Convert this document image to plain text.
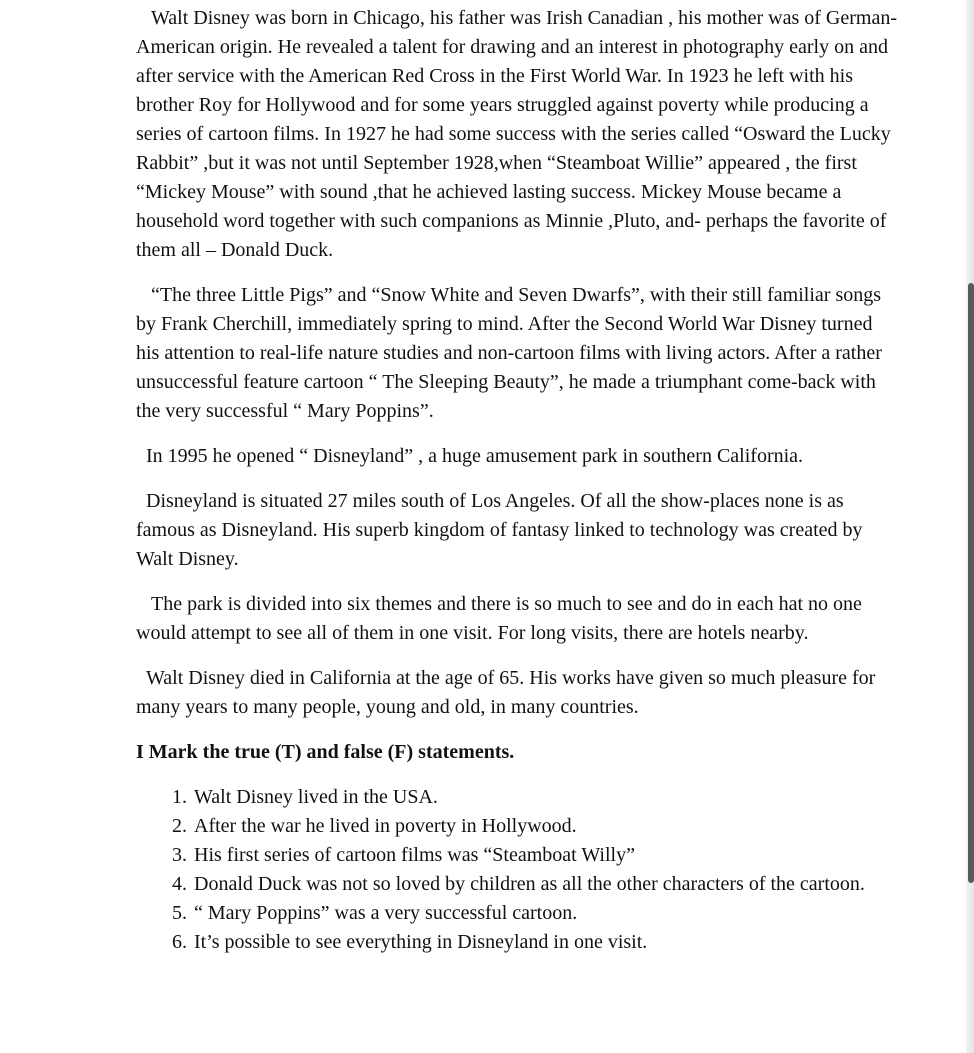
Walt Disney was born in Chicago, his father was Irish Canadian , his mother was of German- American origin. He revealed a talent for drawing and an interest in photography early on and after service with the American Red Cross in the First World War. In 1923 he left with his brother Roy for Hollywood and for some years struggled against poverty while producing a series of cartoon films. In 1927 he had some success with the series called “Osward the Lucky Rabbit” ,but it was not until September 1928,when “Steamboat Willie” appeared , the first “Mickey Mouse” with sound ,that he achieved lasting success. Mickey Mouse became a household word together with such companions as Minnie ,Pluto, and- perhaps the favorite of them all – Donald Duck.

“The three Little Pigs” and “Snow White and Seven Dwarfs”, with their still familiar songs by Frank Cherchill, immediately spring to mind. After the Second World War Disney turned his attention to real-life nature studies and non-cartoon films with living actors. After a rather unsuccessful feature cartoon “ The Sleeping Beauty”, he made a triumphant come-back with the very successful “ Mary Poppins”.

In 1995 he opened “ Disneyland” , a huge amusement park in southern California.

Disneyland is situated 27 miles south of Los Angeles. Of all the show-places none is as famous as Disneyland. His superb kingdom of fantasy linked to technology was created by Walt Disney.

The park is divided into six themes and there is so much to see and do in each hat no one would attempt to see all of them in one visit. For long visits, there are hotels nearby.

Walt Disney died in California at the age of 65. His works have given so much pleasure for many years to many people, young and old, in many countries.

I Mark the true (T) and false (F) statements.
1. Walt Disney lived in the USA.
2. After the war he lived in poverty in Hollywood.
3. His first series of cartoon films was “Steamboat Willy”
4. Donald Duck was not so loved by children as all the other characters of the cartoon.
5. “ Mary Poppins” was a very successful cartoon.
6. It’s possible to see everything in Disneyland in one visit.
